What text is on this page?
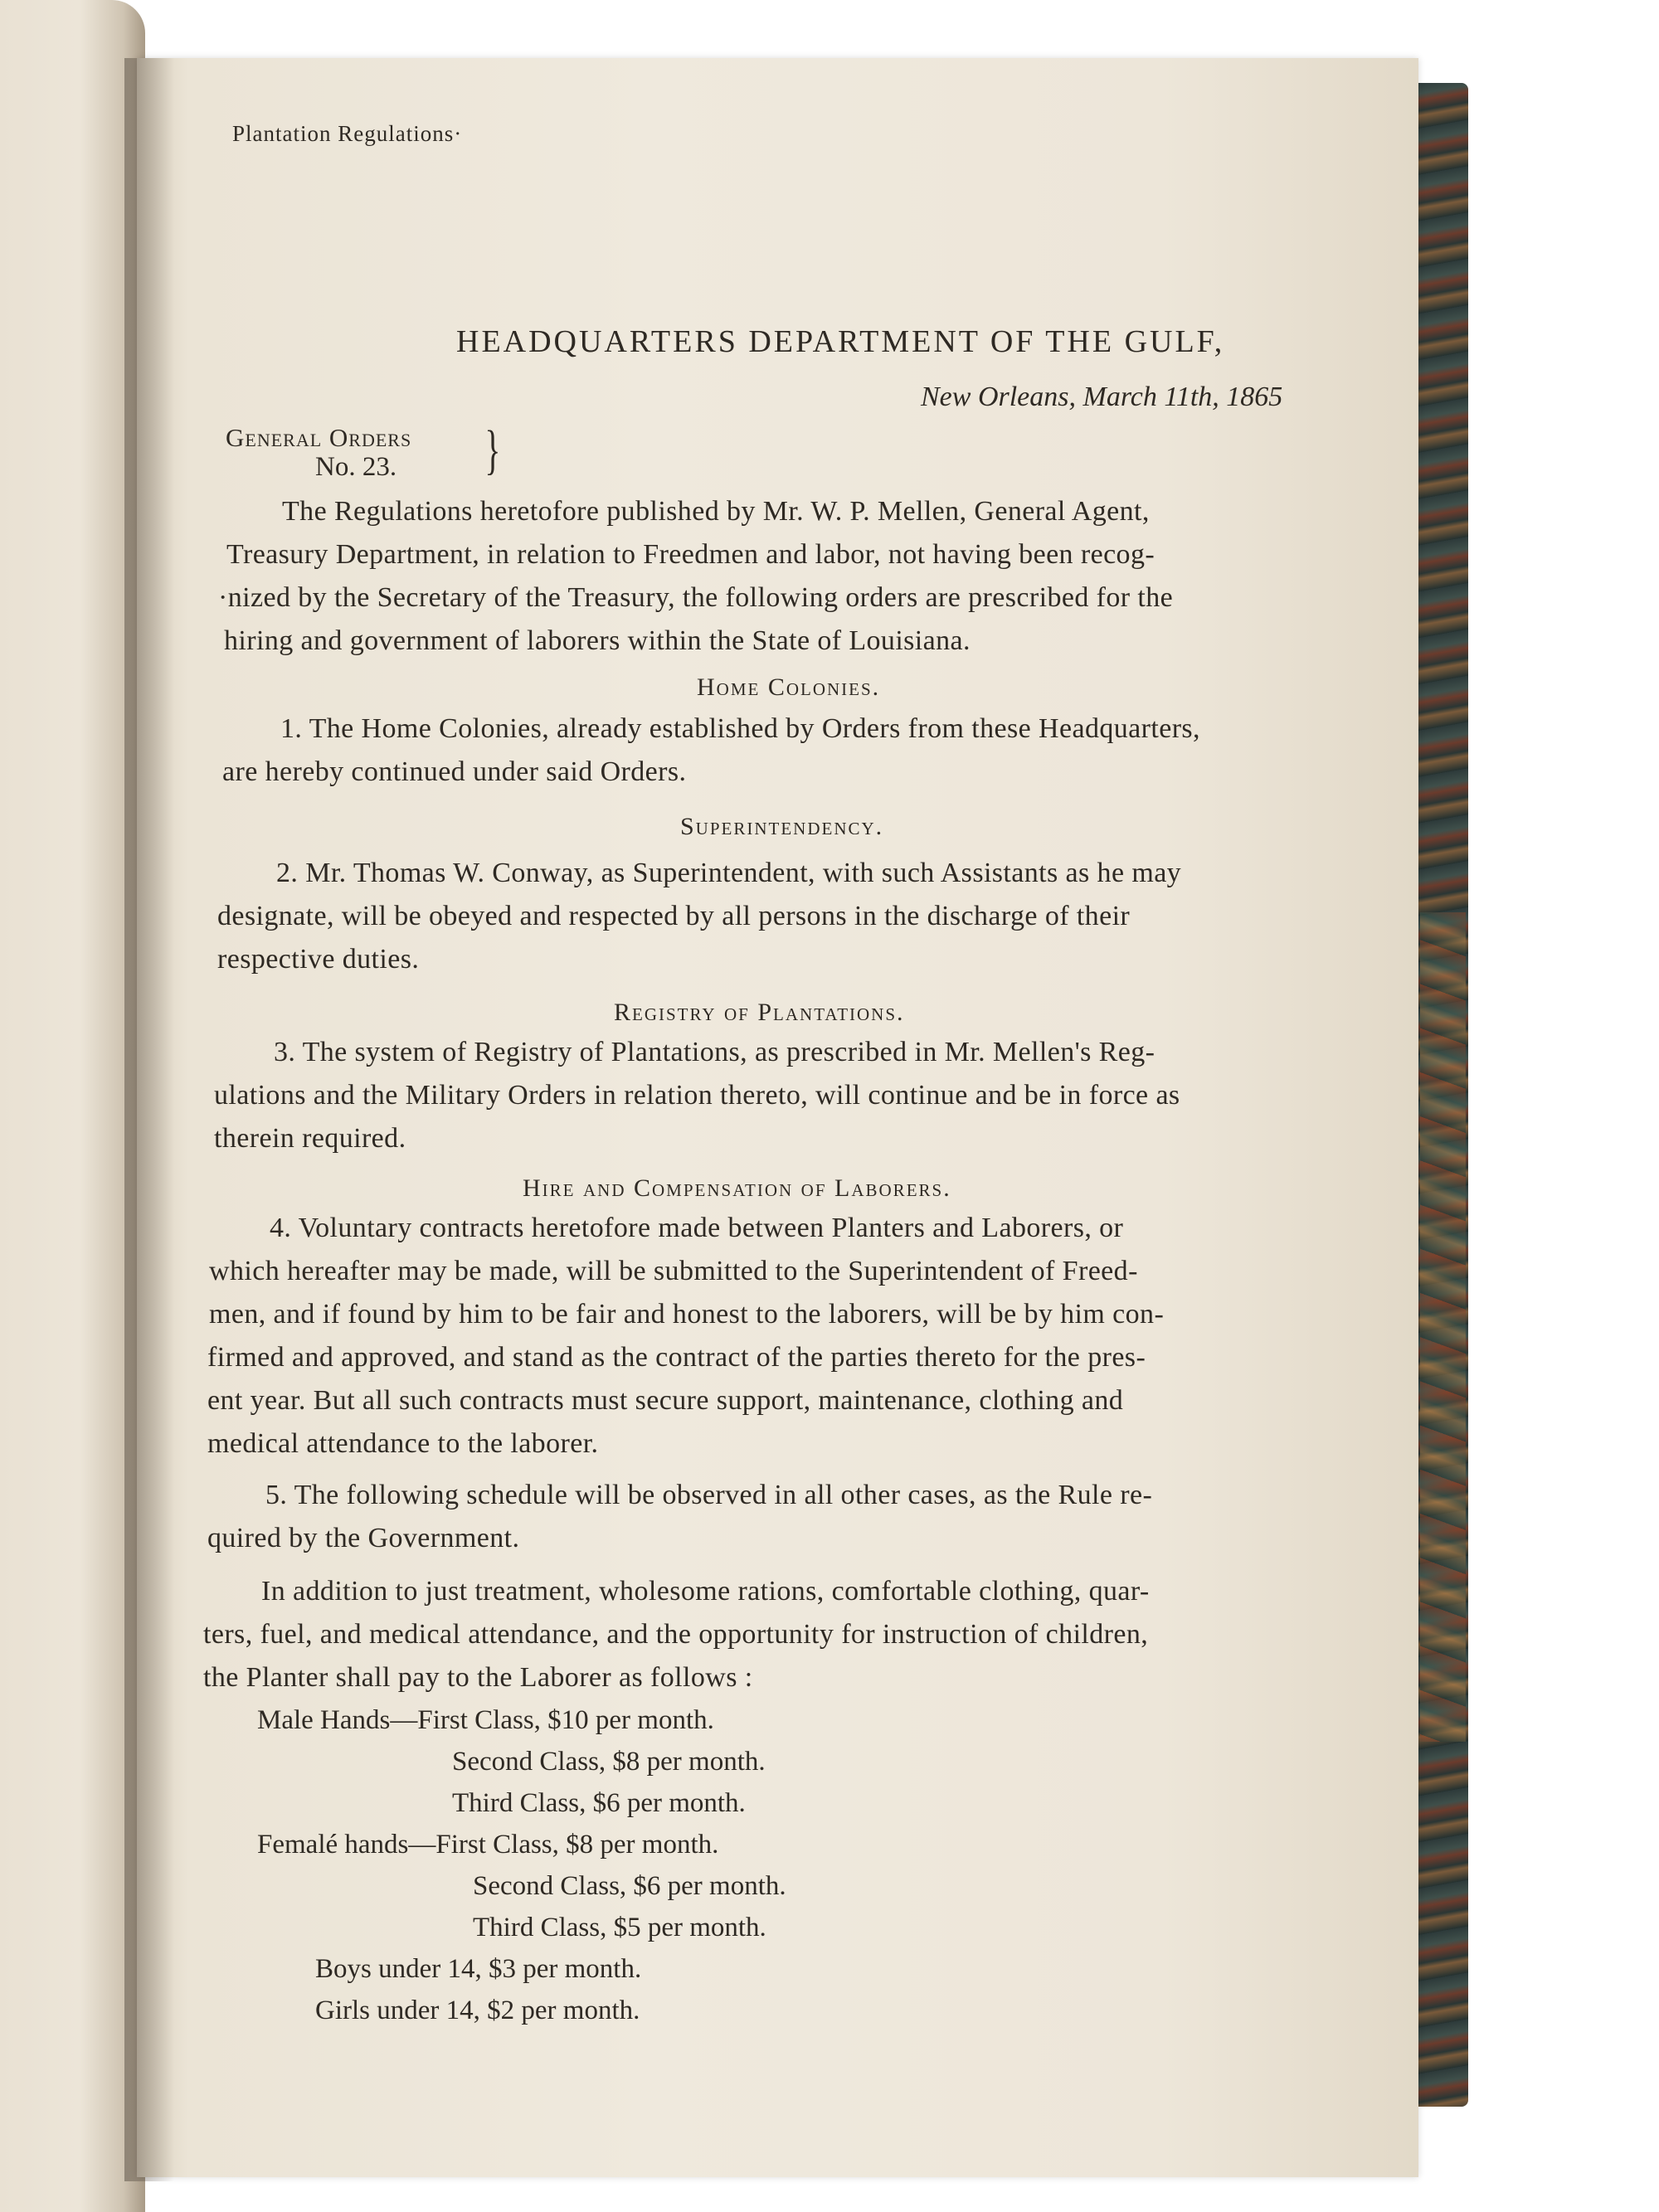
Plantation Regulations·
HEADQUARTERS DEPARTMENT OF THE GULF,
New Orleans, March 11th, 1865
General Orders
No. 23. }
The Regulations heretofore published by Mr. W. P. Mellen, General Agent,
Treasury Department, in relation to Freedmen and labor, not having been recog-
·nized by the Secretary of the Treasury, the following orders are prescribed for the
hiring and government of laborers within the State of Louisiana.
Home Colonies.
1. The Home Colonies, already established by Orders from these Headquarters,
are hereby continued under said Orders.
Superintendency.
2. Mr. Thomas W. Conway, as Superintendent, with such Assistants as he may
designate, will be obeyed and respected by all persons in the discharge of their
respective duties.
Registry of Plantations.
3. The system of Registry of Plantations, as prescribed in Mr. Mellen's Reg-
ulations and the Military Orders in relation thereto, will continue and be in force as
therein required.
Hire and Compensation of Laborers.
4. Voluntary contracts heretofore made between Planters and Laborers, or
which hereafter may be made, will be submitted to the Superintendent of Freed-
men, and if found by him to be fair and honest to the laborers, will be by him con-
firmed and approved, and stand as the contract of the parties thereto for the pres-
ent year. But all such contracts must secure support, maintenance, clothing and
medical attendance to the laborer.
5. The following schedule will be observed in all other cases, as the Rule re-
quired by the Government.
In addition to just treatment, wholesome rations, comfortable clothing, quar-
ters, fuel, and medical attendance, and the opportunity for instruction of children,
the Planter shall pay to the Laborer as follows :
Male Hands—First Class, $10 per month.
Second Class, $8 per month.
Third Class, $6 per month.
Femalé hands—First Class, $8 per month.
Second Class, $6 per month.
Third Class, $5 per month.
Boys under 14, $3 per month.
Girls under 14, $2 per month.
